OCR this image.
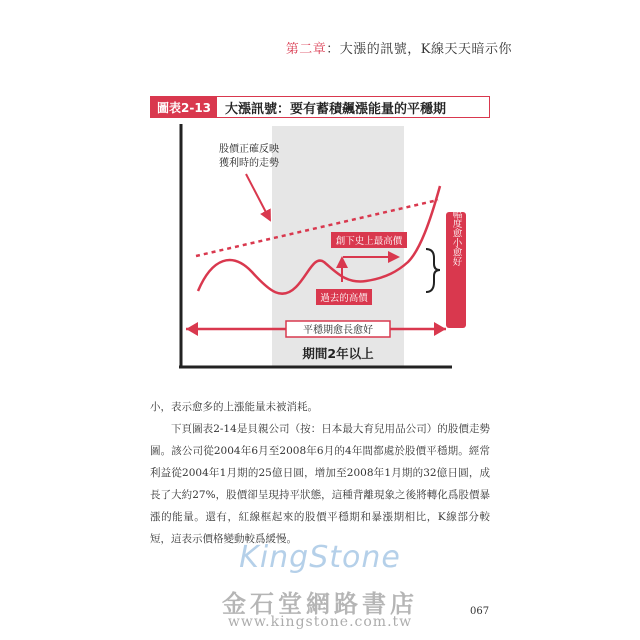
第二章：大漲的訊號，K線天天暗示你
圖表2-13	大漲訊號：要有蓄積飆漲能量的平穩期
股價正確反映
獲利時的走勢
創下史上最高價
過去的高價
平穩期愈長愈好
期間2年以上
震盪幅度愈小愈好

小，表示愈多的上漲能量未被消耗。

下頁圖表2-14是貝親公司（按：日本最大育兒用品公司）的股價走勢圖。該公司從2004年6月至2008年6月的4年間都處於股價平穩期。經常利益從2004年1月期的25億日圓，增加至2008年1月期的32億日圓，成長了大約27%，股價卻呈現持平狀態，這種背離現象之後將轉化爲股價暴漲的能量。還有，紅線框起來的股價平穩期和暴漲期相比，K線部分較短，這表示價格變動較爲緩慢。

KingStone
金石堂網路書店
www.kingstone.com.tw
067
